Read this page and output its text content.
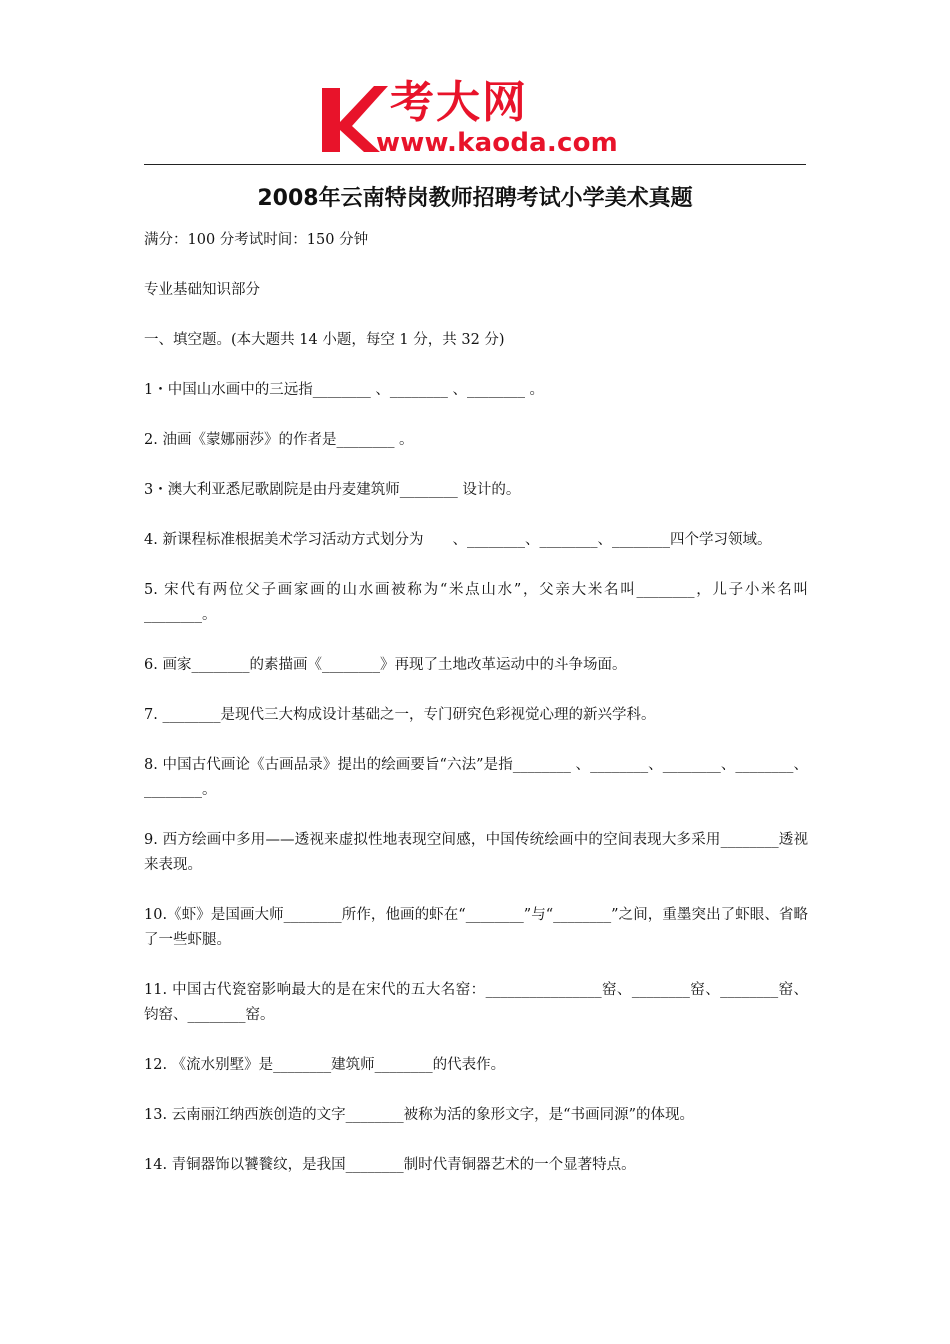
考大网
www.kaoda.com
2008年云南特岗教师招聘考试小学美术真题

满分：100 分考试时间：150 分钟

专业基础知识部分

一、填空题。(本大题共 14 小题，每空 1 分，共 32 分)

1・中国山水画中的三远指________ 、________ 、________ 。

2. 油画《蒙娜丽莎》的作者是________ 。

3・澳大利亚悉尼歌剧院是由丹麦建筑师________ 设计的。

4. 新课程标准根据美术学习活动方式划分为　　、________、________、________四个学习领域。

5. 宋代有两位父子画家画的山水画被称为“米点山水”，父亲大米名叫________，儿子小米名叫________。

6. 画家________的素描画《________》再现了土地改革运动中的斗争场面。

7. ________是现代三大构成设计基础之一，专门研究色彩视觉心理的新兴学科。

8. 中国古代画论《古画品录》提出的绘画要旨“六法”是指________ 、________、________、________、________。

9. 西方绘画中多用——透视来虚拟性地表现空间感，中国传统绘画中的空间表现大多采用________透视来表现。

10.《虾》是国画大师________所作，他画的虾在“________”与“________”之间，重墨突出了虾眼、省略了一些虾腿。

11. 中国古代瓷窑影响最大的是在宋代的五大名窑：________________窑、________窑、________窑、钧窑、________窑。

12. 《流水别墅》是________建筑师________的代表作。

13. 云南丽江纳西族创造的文字________被称为活的象形文字，是“书画同源”的体现。

14. 青铜器饰以饕餮纹，是我国________制时代青铜器艺术的一个显著特点。
